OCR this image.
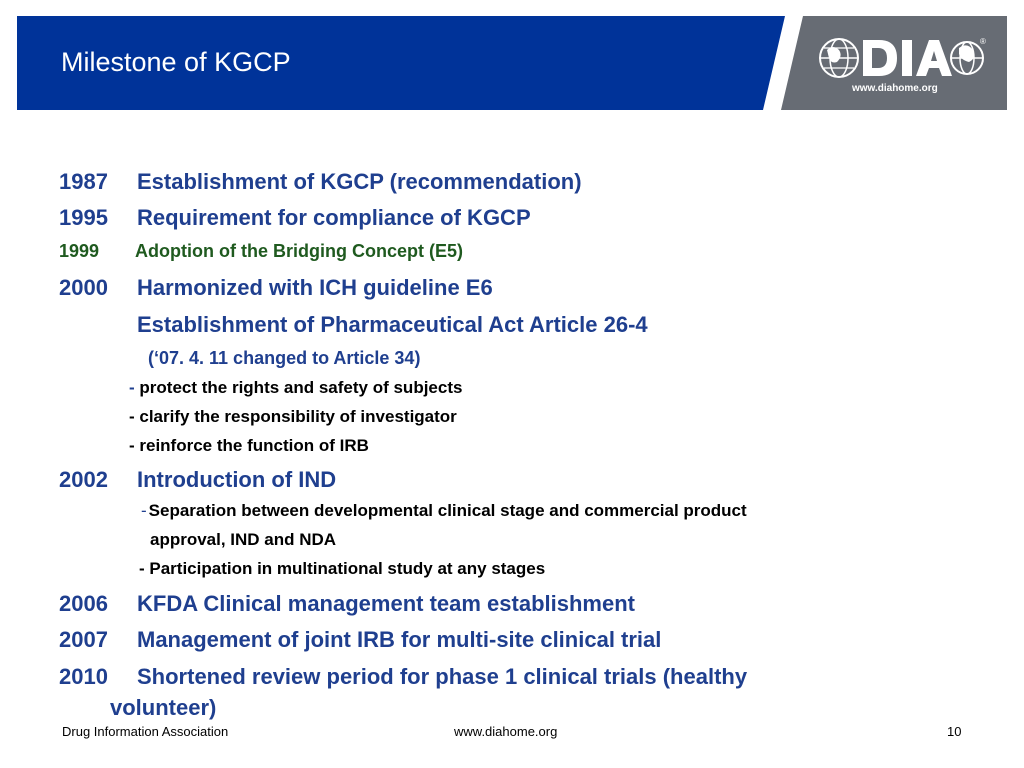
Milestone of KGCP
®
www.diahome.org
1987 Establishment of KGCP (recommendation)
1995 Requirement for compliance of KGCP
1999 Adoption of the Bridging Concept (E5)
2000 Harmonized with ICH guideline E6
Establishment of Pharmaceutical Act Article 26-4
(‘07. 4. 11 changed to Article 34)
- protect the rights and safety of subjects
- clarify the responsibility of investigator
- reinforce the function of IRB
2002 Introduction of IND
- Separation between developmental clinical stage and commercial product
approval, IND and NDA
- Participation in multinational study at any stages
2006 KFDA Clinical management team establishment
2007 Management of joint IRB for multi-site clinical trial
2010 Shortened review period for phase 1 clinical trials (healthy
volunteer)
Drug Information Association	www.diahome.org	10
